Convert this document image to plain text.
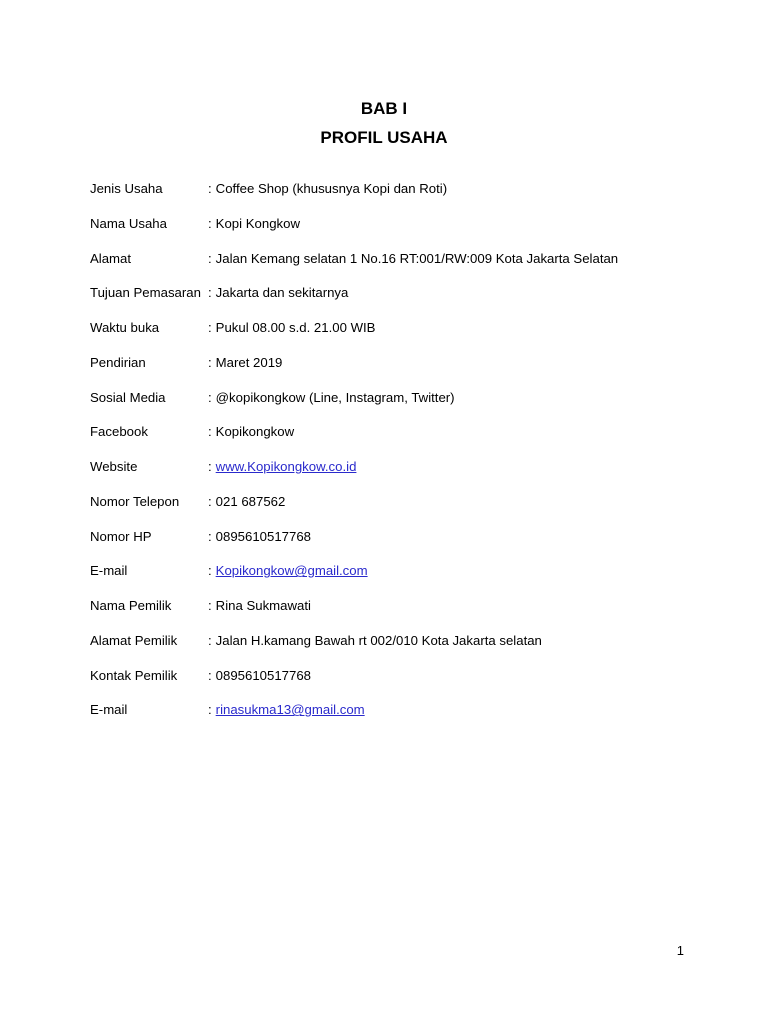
BAB I
PROFIL USAHA
Jenis Usaha	: Coffee Shop (khususnya Kopi dan Roti)
Nama Usaha	: Kopi Kongkow
Alamat	: Jalan Kemang selatan 1 No.16 RT:001/RW:009 Kota Jakarta Selatan
Tujuan Pemasaran : Jakarta dan sekitarnya
Waktu buka	: Pukul 08.00 s.d. 21.00 WIB
Pendirian	: Maret 2019
Sosial Media	: @kopikongkow (Line, Instagram, Twitter)
Facebook	: Kopikongkow
Website	: www.Kopikongkow.co.id
Nomor Telepon	: 021 687562
Nomor HP	: 0895610517768
E-mail	: Kopikongkow@gmail.com
Nama Pemilik	: Rina Sukmawati
Alamat Pemilik	: Jalan H.kamang Bawah rt 002/010 Kota Jakarta selatan
Kontak Pemilik	: 0895610517768
E-mail	: rinasukma13@gmail.com
1
